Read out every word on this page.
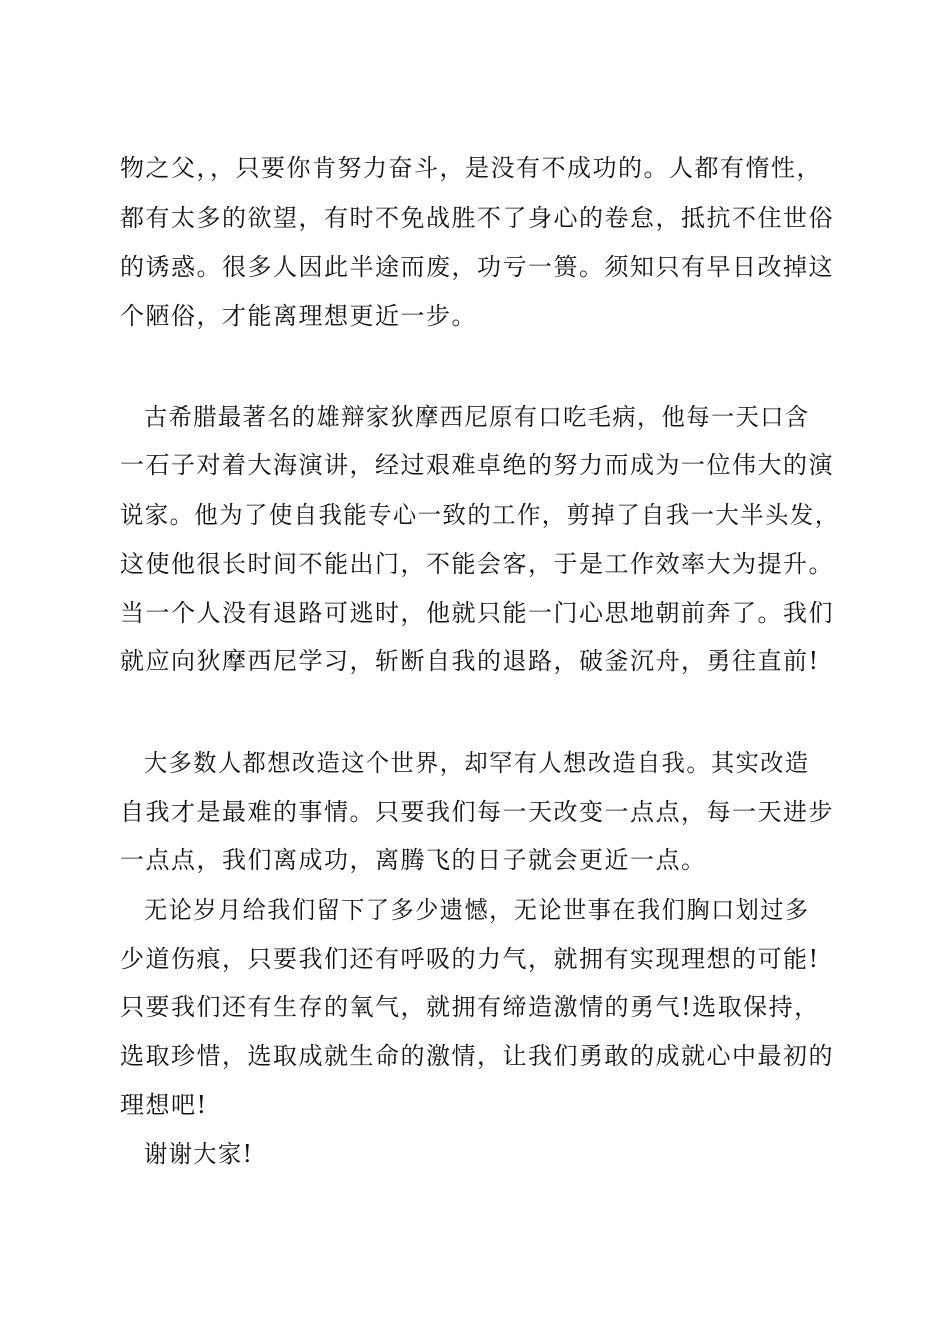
物之父，，只要你肯努力奋斗，是没有不成功的。人都有惰性，
都有太多的欲望，有时不免战胜不了身心的卷怠，抵抗不住世俗
的诱惑。很多人因此半途而废，功亏一篑。须知只有早日改掉这
个陋俗，才能离理想更近一步。
古希腊最著名的雄辩家狄摩西尼原有口吃毛病，他每一天口含
一石子对着大海演讲，经过艰难卓绝的努力而成为一位伟大的演
说家。他为了使自我能专心一致的工作，剪掉了自我一大半头发，
这使他很长时间不能出门，不能会客，于是工作效率大为提升。
当一个人没有退路可逃时，他就只能一门心思地朝前奔了。我们
就应向狄摩西尼学习，斩断自我的退路，破釜沉舟，勇往直前!
大多数人都想改造这个世界，却罕有人想改造自我。其实改造
自我才是最难的事情。只要我们每一天改变一点点，每一天进步
一点点，我们离成功，离腾飞的日子就会更近一点。
无论岁月给我们留下了多少遗憾，无论世事在我们胸口划过多
少道伤痕，只要我们还有呼吸的力气，就拥有实现理想的可能!
只要我们还有生存的氧气，就拥有缔造激情的勇气!选取保持，
选取珍惜，选取成就生命的激情，让我们勇敢的成就心中最初的
理想吧!
谢谢大家!
